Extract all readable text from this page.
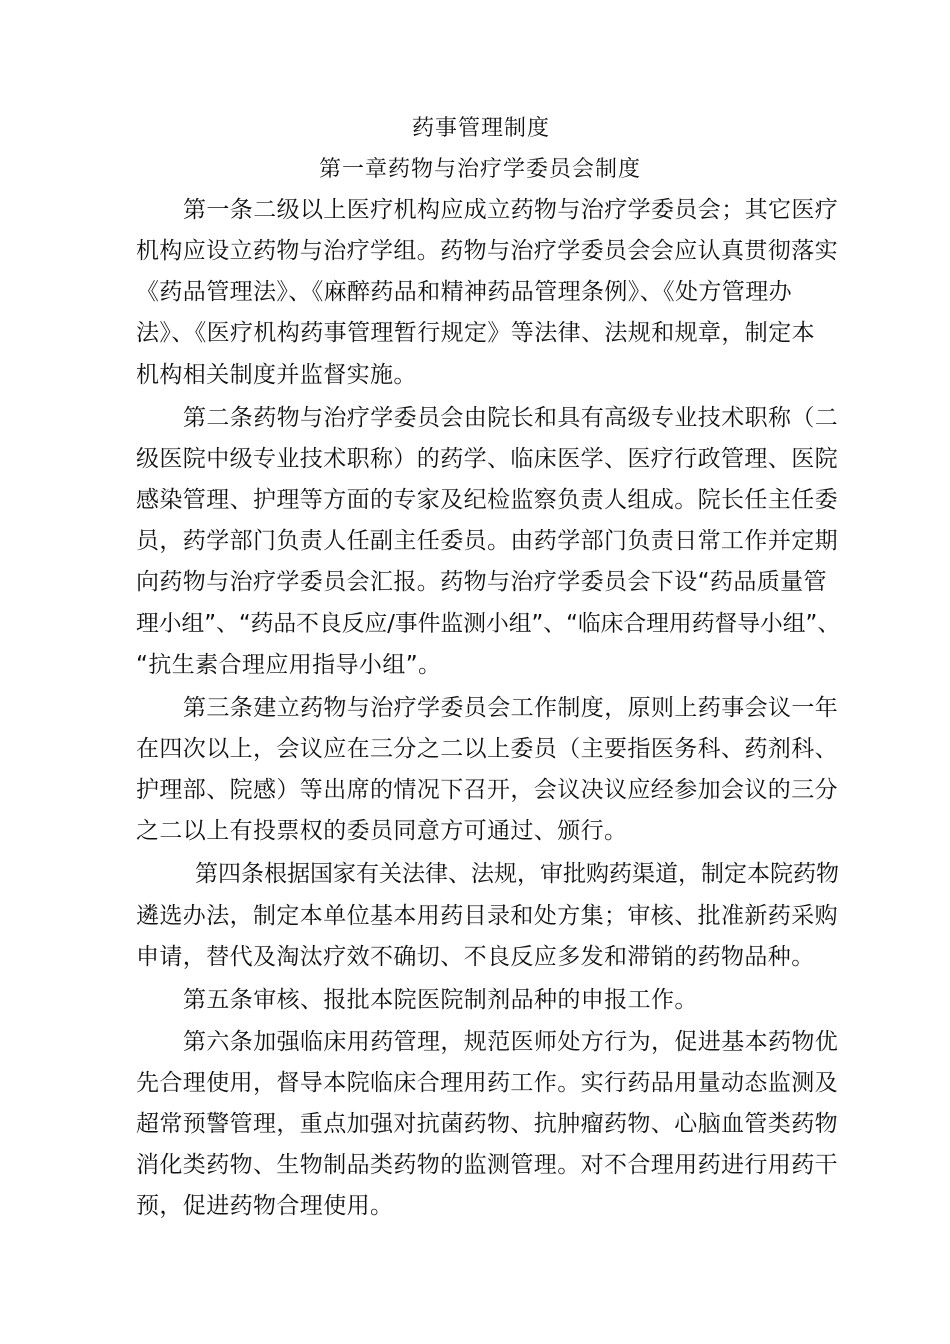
药事管理制度
第一章药物与治疗学委员会制度
第一条二级以上医疗机构应成立药物与治疗学委员会；其它医疗
机构应设立药物与治疗学组。药物与治疗学委员会会应认真贯彻落实
《药品管理法》、《麻醉药品和精神药品管理条例》、《处方管理办
法》、《医疗机构药事管理暂行规定》等法律、法规和规章，制定本
机构相关制度并监督实施。
第二条药物与治疗学委员会由院长和具有高级专业技术职称（二
级医院中级专业技术职称）的药学、临床医学、医疗行政管理、医院
感染管理、护理等方面的专家及纪检监察负责人组成。院长任主任委
员，药学部门负责人任副主任委员。由药学部门负责日常工作并定期
向药物与治疗学委员会汇报。药物与治疗学委员会下设“药品质量管
理小组”、“药品不良反应/事件监测小组”、“临床合理用药督导小组”、
“抗生素合理应用指导小组”。
第三条建立药物与治疗学委员会工作制度，原则上药事会议一年
在四次以上，会议应在三分之二以上委员（主要指医务科、药剂科、
护理部、院感）等出席的情况下召开，会议决议应经参加会议的三分
之二以上有投票权的委员同意方可通过、颁行。
第四条根据国家有关法律、法规，审批购药渠道，制定本院药物
遴选办法，制定本单位基本用药目录和处方集；审核、批准新药采购
申请，替代及淘汰疗效不确切、不良反应多发和滞销的药物品种。
第五条审核、报批本院医院制剂品种的申报工作。
第六条加强临床用药管理，规范医师处方行为，促进基本药物优
先合理使用，督导本院临床合理用药工作。实行药品用量动态监测及
超常预警管理，重点加强对抗菌药物、抗肿瘤药物、心脑血管类药物
消化类药物、生物制品类药物的监测管理。对不合理用药进行用药干
预，促进药物合理使用。
